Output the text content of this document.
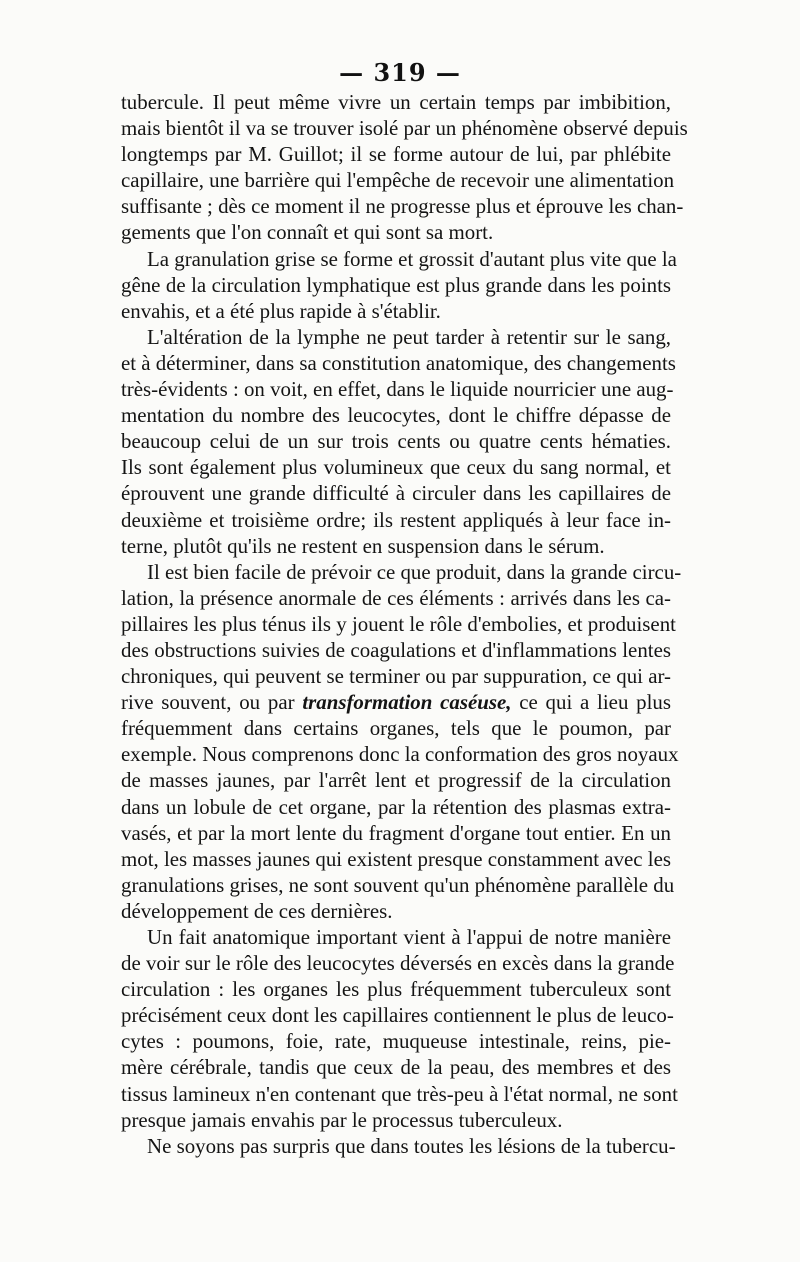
— 319 —
tubercule. Il peut même vivre un certain temps par imbibition,
mais bientôt il va se trouver isolé par un phénomène observé depuis
longtemps par M. Guillot; il se forme autour de lui, par phlébite
capillaire, une barrière qui l'empêche de recevoir une alimentation
suffisante ; dès ce moment il ne progresse plus et éprouve les chan-
gements que l'on connaît et qui sont sa mort.
La granulation grise se forme et grossit d'autant plus vite que la
gêne de la circulation lymphatique est plus grande dans les points
envahis, et a été plus rapide à s'établir.
L'altération de la lymphe ne peut tarder à retentir sur le sang,
et à déterminer, dans sa constitution anatomique, des changements
très-évidents : on voit, en effet, dans le liquide nourricier une aug-
mentation du nombre des leucocytes, dont le chiffre dépasse de
beaucoup celui de un sur trois cents ou quatre cents hématies.
Ils sont également plus volumineux que ceux du sang normal, et
éprouvent une grande difficulté à circuler dans les capillaires de
deuxième et troisième ordre; ils restent appliqués à leur face in-
terne, plutôt qu'ils ne restent en suspension dans le sérum.
Il est bien facile de prévoir ce que produit, dans la grande circu-
lation, la présence anormale de ces éléments : arrivés dans les ca-
pillaires les plus ténus ils y jouent le rôle d'embolies, et produisent
des obstructions suivies de coagulations et d'inflammations lentes
chroniques, qui peuvent se terminer ou par suppuration, ce qui ar-
rive souvent, ou par transformation caséuse, ce qui a lieu plus
fréquemment dans certains organes, tels que le poumon, par
exemple. Nous comprenons donc la conformation des gros noyaux
de masses jaunes, par l'arrêt lent et progressif de la circulation
dans un lobule de cet organe, par la rétention des plasmas extra-
vasés, et par la mort lente du fragment d'organe tout entier. En un
mot, les masses jaunes qui existent presque constamment avec les
granulations grises, ne sont souvent qu'un phénomène parallèle du
développement de ces dernières.
Un fait anatomique important vient à l'appui de notre manière
de voir sur le rôle des leucocytes déversés en excès dans la grande
circulation : les organes les plus fréquemment tuberculeux sont
précisément ceux dont les capillaires contiennent le plus de leuco-
cytes : poumons, foie, rate, muqueuse intestinale, reins, pie-
mère cérébrale, tandis que ceux de la peau, des membres et des
tissus lamineux n'en contenant que très-peu à l'état normal, ne sont
presque jamais envahis par le processus tuberculeux.
Ne soyons pas surpris que dans toutes les lésions de la tubercu-
